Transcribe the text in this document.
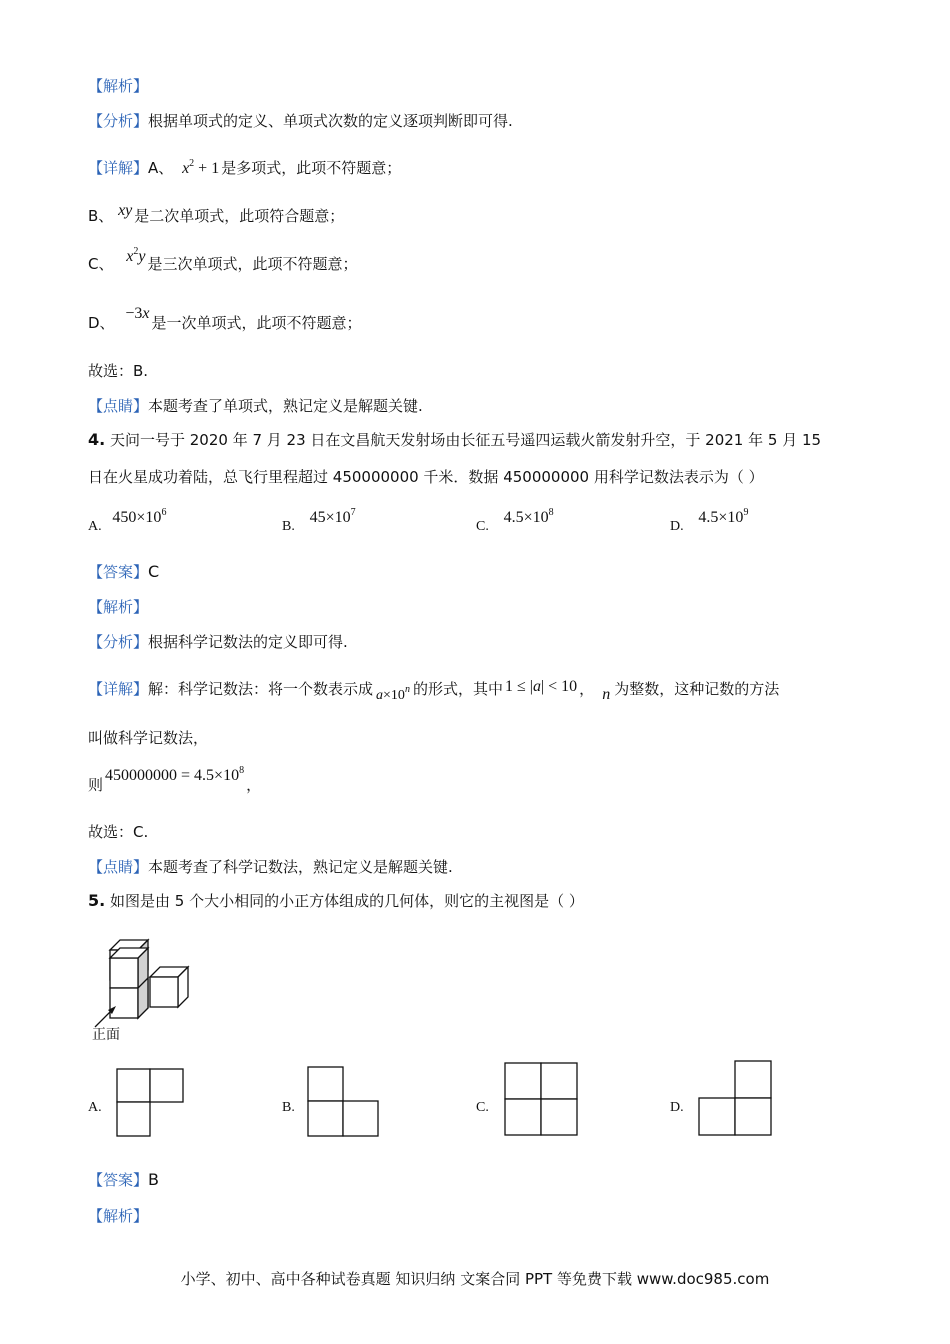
【解析】
【分析】根据单项式的定义、单项式次数的定义逐项判断即可得.
【详解】A、 $x^2 + 1$ 是多项式，此项不符题意；
B、 xy 是二次单项式，此项符合题意；
C、 $x^2y$ 是三次单项式，此项不符题意；
D、 −3x是一次单项式，此项不符题意；
故选：B.
【点睛】本题考查了单项式，熟记定义是解题关键.
4. 天问一号于 2020 年 7 月 23 日在文昌航天发射场由长征五号遥四运载火箭发射升空，于 2021 年 5 月 15
日在火星成功着陆，总飞行里程超过 450000000 千米．数据 450000000 用科学记数法表示为（ ）
A. $450\times 10^6$
B. $45\times 10^7$
C. $4.5\times 10^8$
D. $4.5\times 10^9$
【答案】C
【解析】
【分析】根据科学记数法的定义即可得.
【详解】解：科学记数法：将一个数表示成 $a\times 10^n$ 的形式，其中 1 ≤ |a| < 10 ， n 为整数，这种记数的方法
叫做科学记数法，
则$450000000 = 4.5\times 10^8$，
故选：C.
【点睛】本题考查了科学记数法，熟记定义是解题关键.
5. 如图是由 5 个大小相同的小正方体组成的几何体，则它的主视图是（ ）
正面
A.	B.	C.	D.
【答案】B
【解析】
小学、初中、高中各种试卷真题 知识归纳 文案合同 PPT 等免费下载 www.doc985.com
